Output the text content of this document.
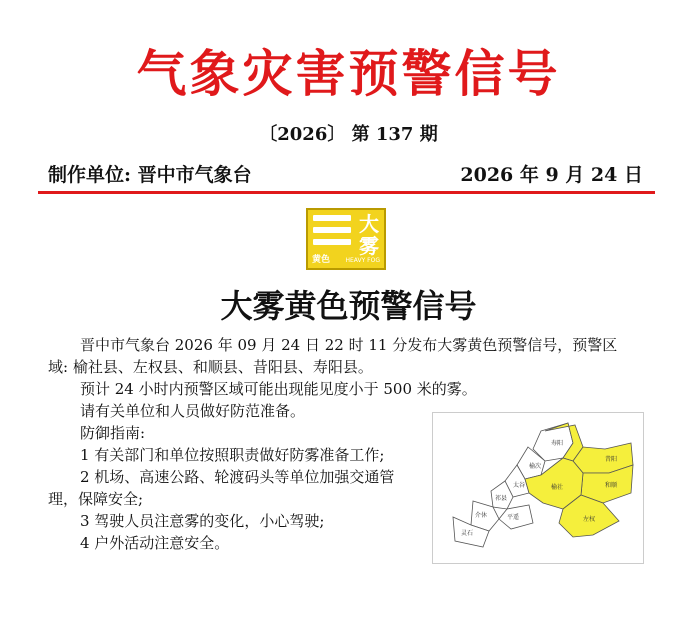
气象灾害预警信号
〔2026〕 第 137 期
制作单位: 晋中市气象台	2026 年 9 月 24 日
大雾
黄色	HEAVY FOG
大雾黄色预警信号

晋中市气象台 2026 年 09 月 24 日 22 时 11 分发布大雾黄色预警信号，预警区

域: 榆社县、左权县、和顺县、昔阳县、寿阳县。

预计 24 小时内预警区域可能出现能见度小于 500 米的雾。

请有关单位和人员做好防范准备。

防御指南:

1 有关部门和单位按照职责做好防雾准备工作;

2 机场、高速公路、轮渡码头等单位加强交通管

理，保障安全;

3 驾驶人员注意雾的变化，小心驾驶;

4 户外活动注意安全。

寿阳
榆次
太谷
祁县
平遥
介休
灵石
昔阳
和顺
榆社
左权
